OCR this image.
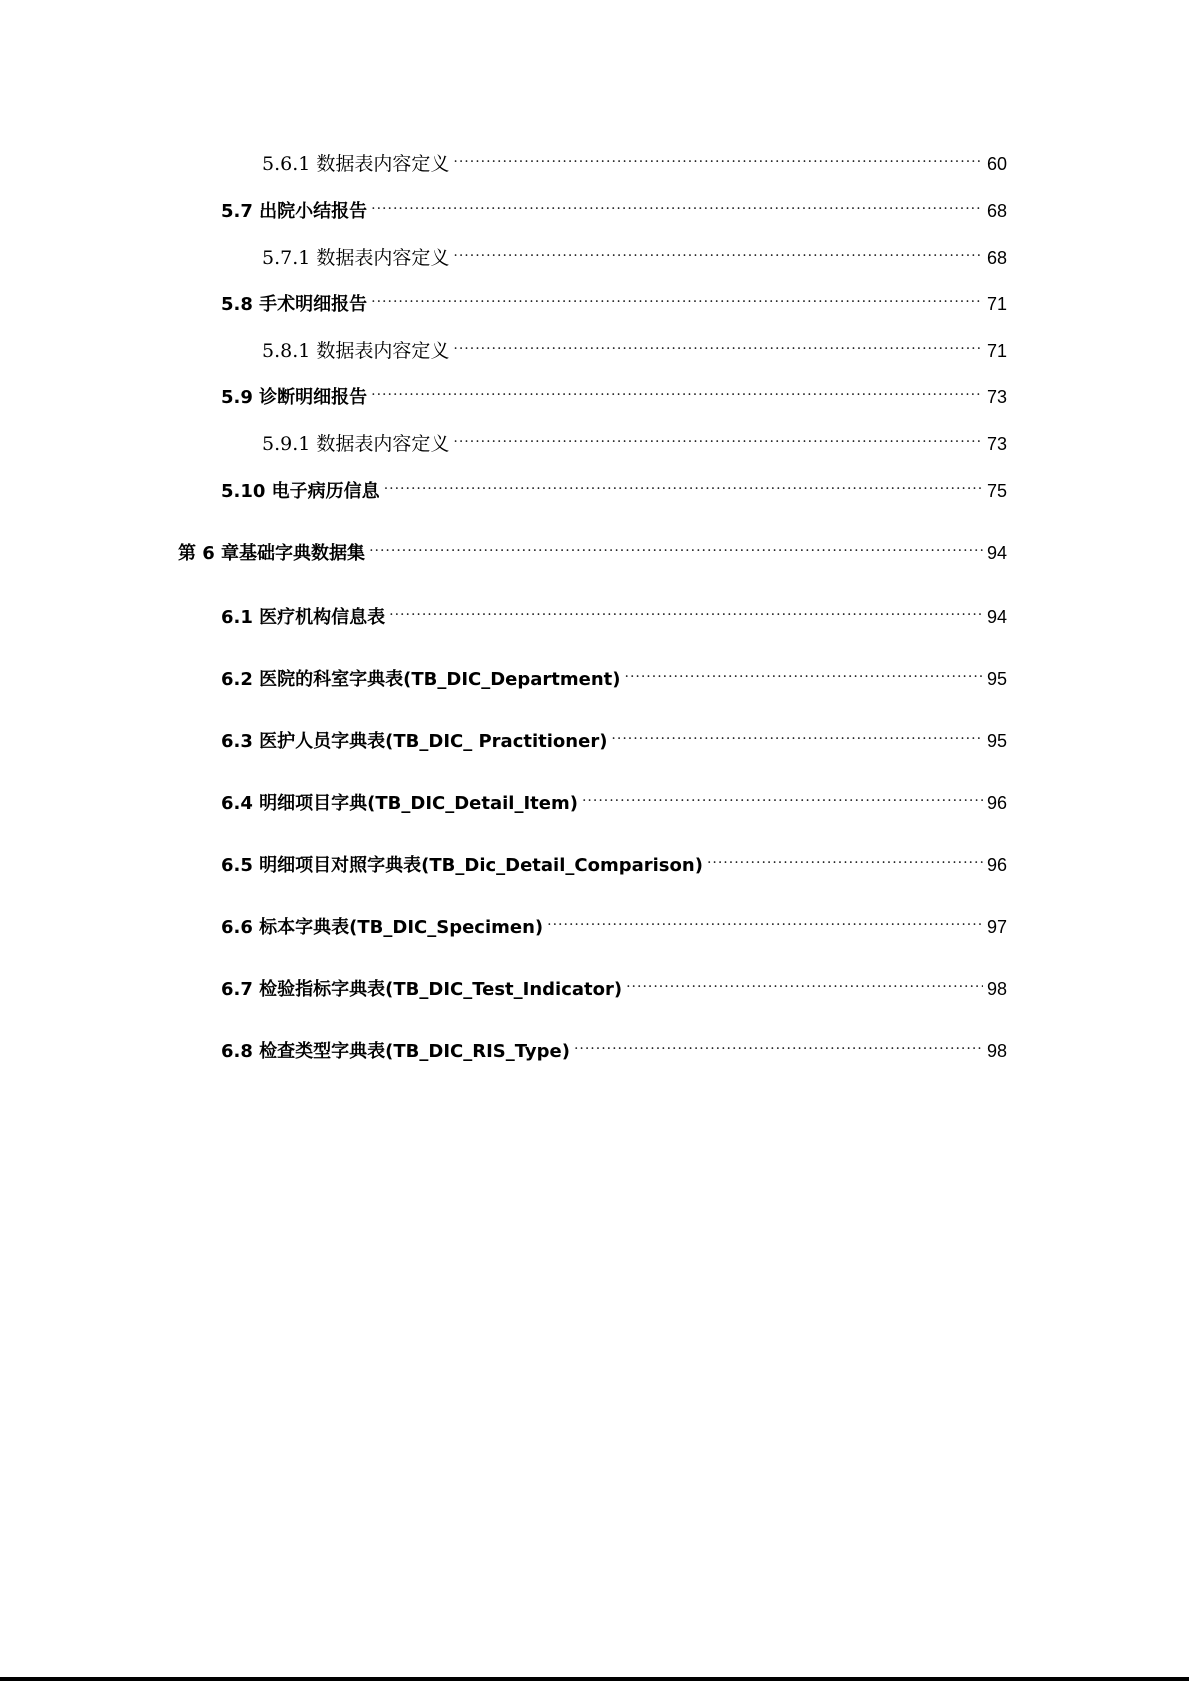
5.6.1 数据表内容定义 .....	60
5.7 出院小结报告 .....	68
5.7.1 数据表内容定义 .....	68
5.8 手术明细报告 .....	71
5.8.1 数据表内容定义 .....	71
5.9 诊断明细报告 .....	73
5.9.1 数据表内容定义 .....	73
5.10 电子病历信息 .....	75
第 6 章基础字典数据集 .....	94
6.1 医疗机构信息表 .....	94
6.2 医院的科室字典表(TB_DIC_Department) .....	95
6.3 医护人员字典表(TB_DIC_ Practitioner) .....	95
6.4 明细项目字典(TB_DIC_Detail_Item) .....	96
6.5 明细项目对照字典表(TB_Dic_Detail_Comparison) .....	96
6.6 标本字典表(TB_DIC_Specimen) .....	97
6.7 检验指标字典表(TB_DIC_Test_Indicator) .....	98
6.8 检查类型字典表(TB_DIC_RIS_Type) .....	98
